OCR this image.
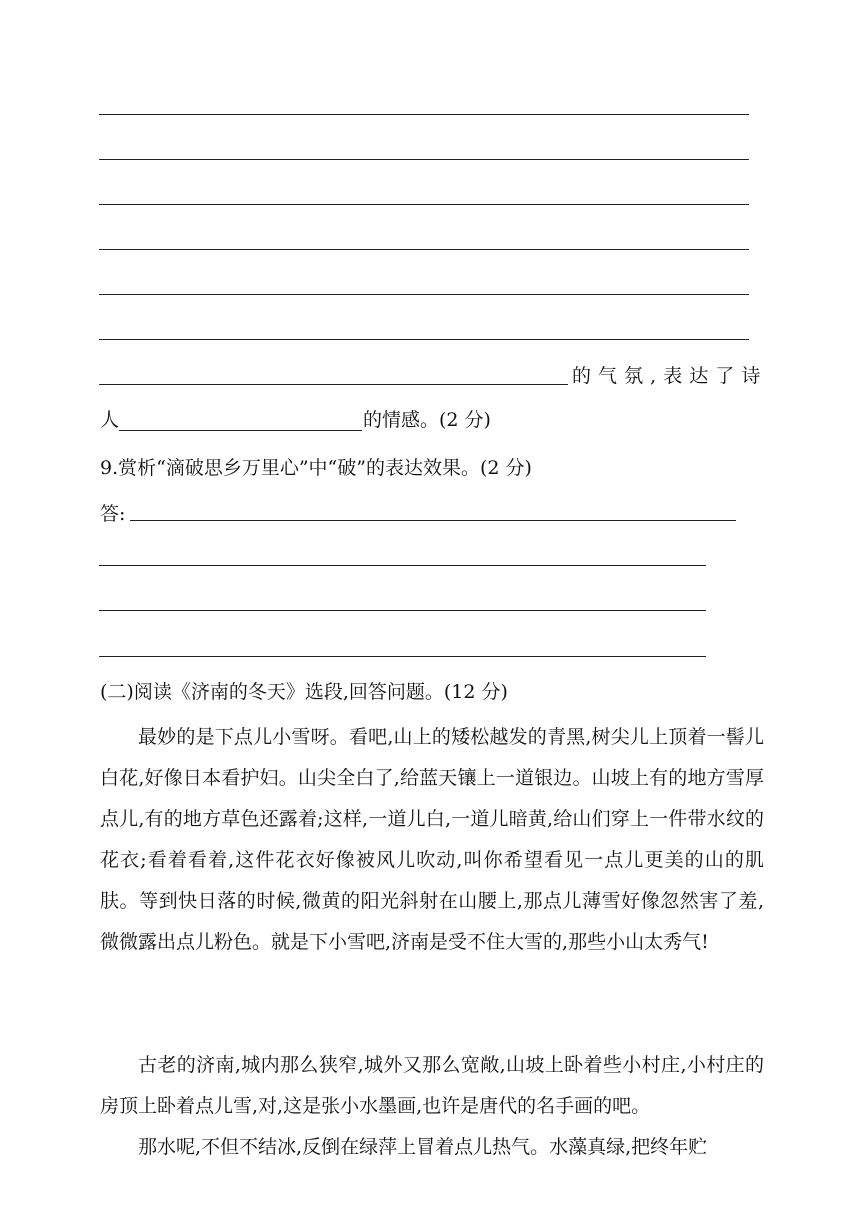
的 气 氛 , 表 达 了 诗
人	的情感。(2 分)
9.赏析“滴破思乡万里心”中“破”的表达效果。(2 分)
答:
(二)阅读《济南的冬天》选段,回答问题。(12 分)
最妙的是下点儿小雪呀。看吧,山上的矮松越发的青黑,树尖儿上顶着一髻儿白花,好像日本看护妇。山尖全白了,给蓝天镶上一道银边。山坡上有的地方雪厚点儿,有的地方草色还露着;这样,一道儿白,一道儿暗黄,给山们穿上一件带水纹的花衣;看着看着,这件花衣好像被风儿吹动,叫你希望看见一点儿更美的山的肌肤。等到快日落的时候,微黄的阳光斜射在山腰上,那点儿薄雪好像忽然害了羞,微微露出点儿粉色。就是下小雪吧,济南是受不住大雪的,那些小山太秀气!
古老的济南,城内那么狭窄,城外又那么宽敞,山坡上卧着些小村庄,小村庄的房顶上卧着点儿雪,对,这是张小水墨画,也许是唐代的名手画的吧。
那水呢,不但不结冰,反倒在绿萍上冒着点儿热气。水藻真绿,把终年贮
